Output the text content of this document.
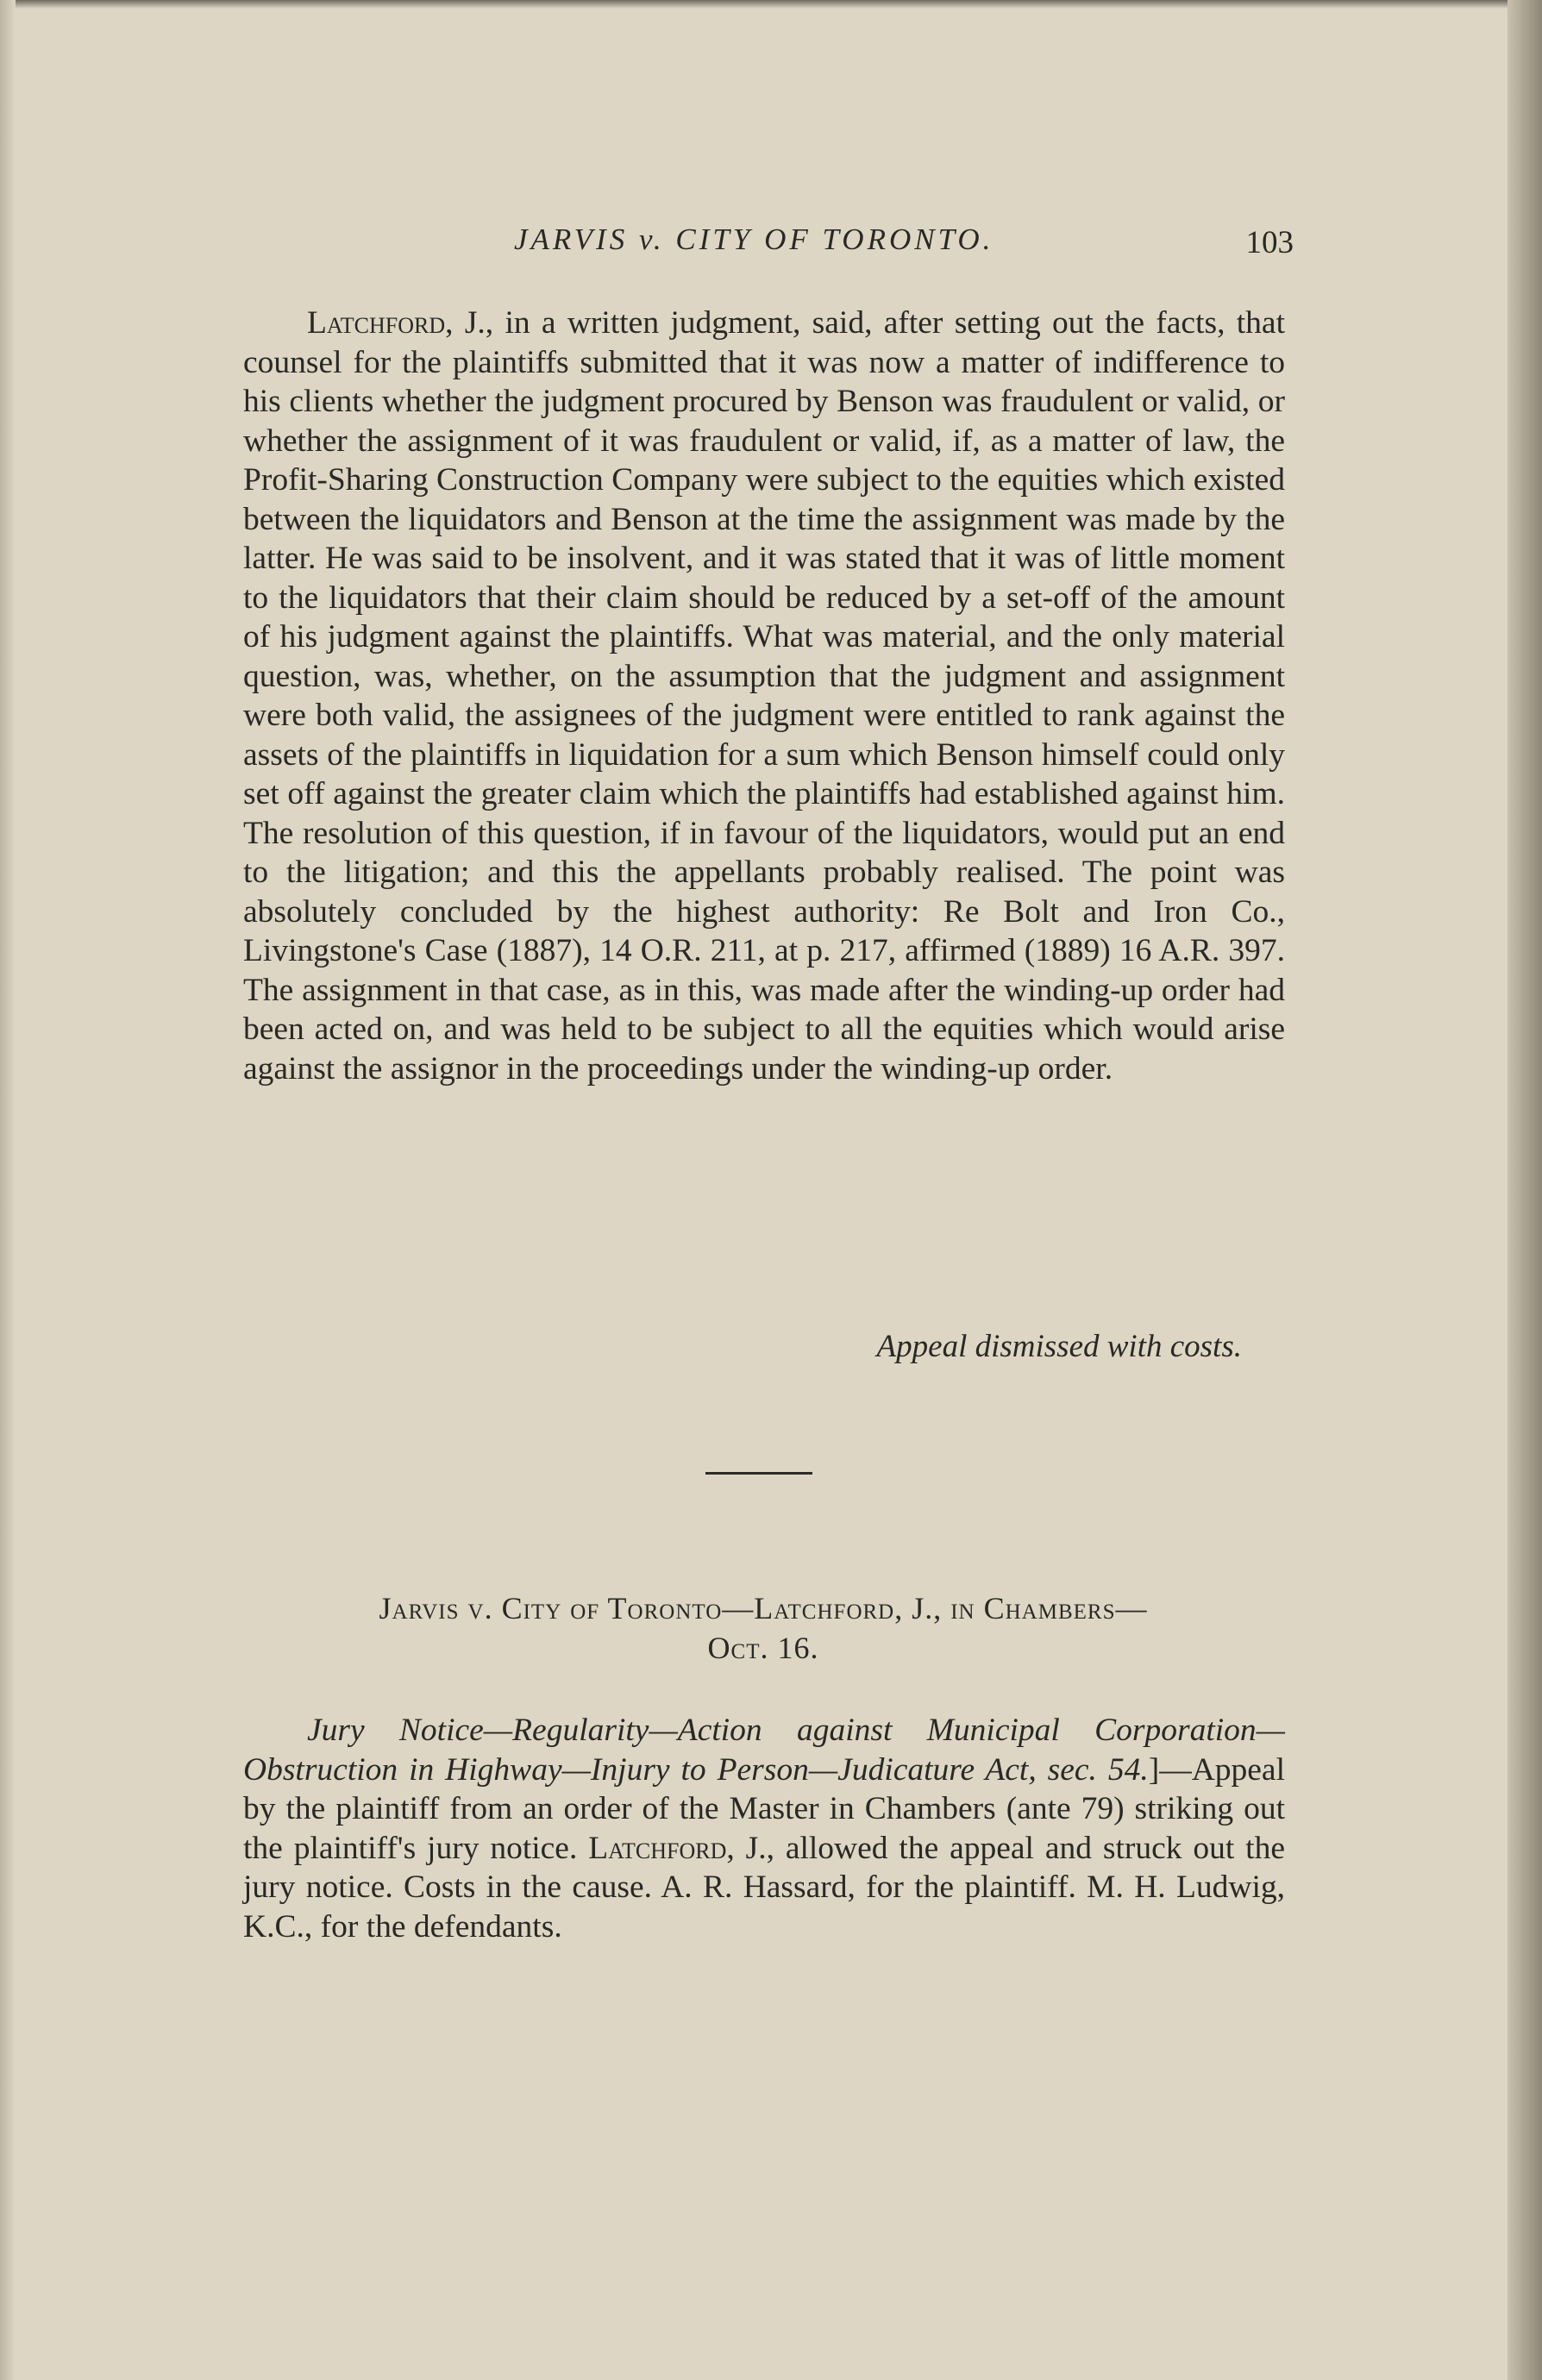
JARVIS v. CITY OF TORONTO.	103

Latchford, J., in a written judgment, said, after setting out the facts, that counsel for the plaintiffs submitted that it was now a matter of indifference to his clients whether the judgment procured by Benson was fraudulent or valid, or whether the assignment of it was fraudulent or valid, if, as a matter of law, the Profit-Sharing Construction Company were subject to the equities which existed between the liquidators and Benson at the time the assignment was made by the latter. He was said to be insolvent, and it was stated that it was of little moment to the liquidators that their claim should be reduced by a set-off of the amount of his judgment against the plaintiffs. What was material, and the only material question, was, whether, on the assumption that the judgment and assignment were both valid, the assignees of the judgment were entitled to rank against the assets of the plaintiffs in liquidation for a sum which Benson himself could only set off against the greater claim which the plaintiffs had established against him. The resolution of this question, if in favour of the liquidators, would put an end to the litigation; and this the appellants probably realised. The point was absolutely concluded by the highest authority: Re Bolt and Iron Co., Livingstone's Case (1887), 14 O.R. 211, at p. 217, affirmed (1889) 16 A.R. 397. The assignment in that case, as in this, was made after the winding-up order had been acted on, and was held to be subject to all the equities which would arise against the assignor in the proceedings under the winding-up order.

Appeal dismissed with costs.
Jarvis v. City of Toronto—Latchford, J., in Chambers—
Oct. 16.

Jury Notice—Regularity—Action against Municipal Corporation—Obstruction in Highway—Injury to Person—Judicature Act, sec. 54.]—Appeal by the plaintiff from an order of the Master in Chambers (ante 79) striking out the plaintiff's jury notice. Latchford, J., allowed the appeal and struck out the jury notice. Costs in the cause. A. R. Hassard, for the plaintiff. M. H. Ludwig, K.C., for the defendants.
